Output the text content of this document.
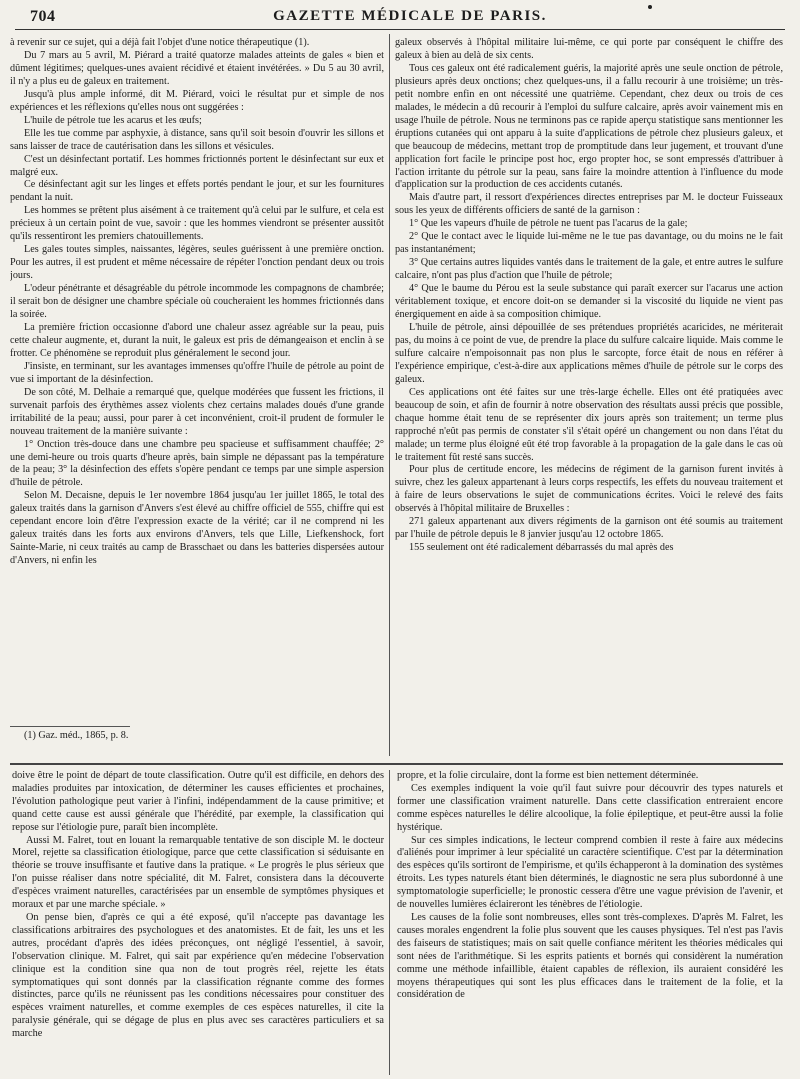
704	GAZETTE MÉDICALE DE PARIS.

à revenir sur ce sujet, qui a déjà fait l'objet d'une notice thérapeutique (1).

Du 7 mars au 5 avril, M. Piérard a traité quatorze malades atteints de gales « bien et dûment légitimes; quelques-unes avaient récidivé et étaient invétérées. » Du 5 au 30 avril, il n'y a plus eu de galeux en traitement.

Jusqu'à plus ample informé, dit M. Piérard, voici le résultat pur et simple de nos expériences et les réflexions qu'elles nous ont suggérées :

L'huile de pétrole tue les acarus et les œufs;

Elle les tue comme par asphyxie, à distance, sans qu'il soit besoin d'ouvrir les sillons et sans laisser de trace de cautérisation dans les sillons et vésicules.

C'est un désinfectant portatif. Les hommes frictionnés portent le désinfectant sur eux et malgré eux.

Ce désinfectant agit sur les linges et effets portés pendant le jour, et sur les fournitures pendant la nuit.

Les hommes se prêtent plus aisément à ce traitement qu'à celui par le sulfure, et cela est précieux à un certain point de vue, savoir : que les hommes viendront se présenter aussitôt qu'ils ressentiront les premiers chatouillements.

Les gales toutes simples, naissantes, légères, seules guérissent à une première onction. Pour les autres, il est prudent et même nécessaire de répéter l'onction pendant deux ou trois jours.

L'odeur pénétrante et désagréable du pétrole incommode les compagnons de chambrée; il serait bon de désigner une chambre spéciale où coucheraient les hommes frictionnés dans la soirée.

La première friction occasionne d'abord une chaleur assez agréable sur la peau, puis cette chaleur augmente, et, durant la nuit, le galeux est pris de démangeaison et enclin à se frotter. Ce phénomène se reproduit plus généralement le second jour.

J'insiste, en terminant, sur les avantages immenses qu'offre l'huile de pétrole au point de vue si important de la désinfection.

De son côté, M. Delhaie a remarqué que, quelque modérées que fussent les frictions, il survenait parfois des érythèmes assez violents chez certains malades doués d'une grande irritabilité de la peau; aussi, pour parer à cet inconvénient, croit-il prudent de formuler le nouveau traitement de la manière suivante :

1° Onction très-douce dans une chambre peu spacieuse et suffisamment chauffée; 2° une demi-heure ou trois quarts d'heure après, bain simple ne dépassant pas la température de la peau; 3° la désinfection des effets s'opère pendant ce temps par une simple aspersion d'huile de pétrole.

Selon M. Decaisne, depuis le 1er novembre 1864 jusqu'au 1er juillet 1865, le total des galeux traités dans la garnison d'Anvers s'est élevé au chiffre officiel de 555, chiffre qui est cependant encore loin d'être l'expression exacte de la vérité; car il ne comprend ni les galeux traités dans les forts aux environs d'Anvers, tels que Lille, Liefkenshock, fort Sainte-Marie, ni ceux traités au camp de Brasschaet ou dans les batteries dispersées autour d'Anvers, ni enfin les

(1) Gaz. méd., 1865, p. 8.

galeux observés à l'hôpital militaire lui-même, ce qui porte par conséquent le chiffre des galeux à bien au delà de six cents.

Tous ces galeux ont été radicalement guéris, la majorité après une seule onction de pétrole, plusieurs après deux onctions; chez quelques-uns, il a fallu recourir à une troisième; un très-petit nombre enfin en ont nécessité une quatrième. Cependant, chez deux ou trois de ces malades, le médecin a dû recourir à l'emploi du sulfure calcaire, après avoir vainement mis en usage l'huile de pétrole. Nous ne terminons pas ce rapide aperçu statistique sans mentionner les éruptions cutanées qui ont apparu à la suite d'applications de pétrole chez plusieurs galeux, et que beaucoup de médecins, mettant trop de promptitude dans leur jugement, et trouvant d'une application fort facile le principe post hoc, ergo propter hoc, se sont empressés d'attribuer à l'action irritante du pétrole sur la peau, sans faire la moindre attention à l'influence du mode d'application sur la production de ces accidents cutanés.

Mais d'autre part, il ressort d'expériences directes entreprises par M. le docteur Fuisseaux sous les yeux de différents officiers de santé de la garnison :

1° Que les vapeurs d'huile de pétrole ne tuent pas l'acarus de la gale;

2° Que le contact avec le liquide lui-même ne le tue pas davantage, ou du moins ne le fait pas instantanément;

3° Que certains autres liquides vantés dans le traitement de la gale, et entre autres le sulfure calcaire, n'ont pas plus d'action que l'huile de pétrole;

4° Que le baume du Pérou est la seule substance qui paraît exercer sur l'acarus une action véritablement toxique, et encore doit-on se demander si la viscosité du liquide ne vient pas énergiquement en aide à sa composition chimique.

L'huile de pétrole, ainsi dépouillée de ses prétendues propriétés acaricides, ne mériterait pas, du moins à ce point de vue, de prendre la place du sulfure calcaire liquide. Mais comme le sulfure calcaire n'empoisonnait pas non plus le sarcopte, force était de nous en référer à l'expérience empirique, c'est-à-dire aux applications mêmes d'huile de pétrole sur le corps des galeux.

Ces applications ont été faites sur une très-large échelle. Elles ont été pratiquées avec beaucoup de soin, et afin de fournir à notre observation des résultats aussi précis que possible, chaque homme était tenu de se représenter dix jours après son traitement; un terme plus rapproché n'eût pas permis de constater s'il s'était opéré un changement ou non dans l'état du malade; un terme plus éloigné eût été trop favorable à la propagation de la gale dans le cas où le traitement fût resté sans succès.

Pour plus de certitude encore, les médecins de régiment de la garnison furent invités à suivre, chez les galeux appartenant à leurs corps respectifs, les effets du nouveau traitement et à faire de leurs observations le sujet de communications écrites. Voici le relevé des faits observés à l'hôpital militaire de Bruxelles :

271 galeux appartenant aux divers régiments de la garnison ont été soumis au traitement par l'huile de pétrole depuis le 8 janvier jusqu'au 12 octobre 1865.

155 seulement ont été radicalement débarrassés du mal après des

doive être le point de départ de toute classification. Outre qu'il est difficile, en dehors des maladies produites par intoxication, de déterminer les causes efficientes et prochaines, l'évolution pathologique peut varier à l'infini, indépendamment de la cause primitive; et quand cette cause est aussi générale que l'hérédité, par exemple, la classification qui repose sur l'étiologie pure, paraît bien incomplète.

Aussi M. Falret, tout en louant la remarquable tentative de son disciple M. le docteur Morel, rejette sa classification étiologique, parce que cette classification si séduisante en théorie se trouve insuffisante et fautive dans la pratique. « Le progrès le plus sérieux que l'on puisse réaliser dans notre spécialité, dit M. Falret, consistera dans la découverte d'espèces vraiment naturelles, caractérisées par un ensemble de symptômes physiques et moraux et par une marche spéciale. »

On pense bien, d'après ce qui a été exposé, qu'il n'accepte pas davantage les classifications arbitraires des psychologues et des anatomistes. Et de fait, les uns et les autres, procédant d'après des idées préconçues, ont négligé l'essentiel, à savoir, l'observation clinique. M. Falret, qui sait par expérience qu'en médecine l'observation clinique est la condition sine qua non de tout progrès réel, rejette les états symptomatiques qui sont donnés par la classification régnante comme des formes distinctes, parce qu'ils ne réunissent pas les conditions nécessaires pour constituer des espèces vraiment naturelles, et comme exemples de ces espèces naturelles, il cite la paralysie générale, qui se dégage de plus en plus avec ses caractères particuliers et sa marche

propre, et la folie circulaire, dont la forme est bien nettement déterminée.

Ces exemples indiquent la voie qu'il faut suivre pour découvrir des types naturels et former une classification vraiment naturelle. Dans cette classification entreraient encore comme espèces naturelles le délire alcoolique, la folie épileptique, et peut-être aussi la folie hystérique.

Sur ces simples indications, le lecteur comprend combien il reste à faire aux médecins d'aliénés pour imprimer à leur spécialité un caractère scientifique. C'est par la détermination des espèces qu'ils sortiront de l'empirisme, et qu'ils échapperont à la domination des systèmes étroits. Les types naturels étant bien déterminés, le diagnostic ne sera plus subordonné à une symptomatologie superficielle; le pronostic cessera d'être une vague prévision de l'avenir, et de nouvelles lumières éclaireront les ténèbres de l'étiologie.

Les causes de la folie sont nombreuses, elles sont très-complexes. D'après M. Falret, les causes morales engendrent la folie plus souvent que les causes physiques. Tel n'est pas l'avis des faiseurs de statistiques; mais on sait quelle confiance méritent les théories médicales qui sont nées de l'arithmétique. Si les esprits patients et bornés qui considèrent la numération comme une méthode infaillible, étaient capables de réflexion, ils auraient considéré les moyens thérapeutiques qui sont les plus efficaces dans le traitement de la folie, et la considération de
